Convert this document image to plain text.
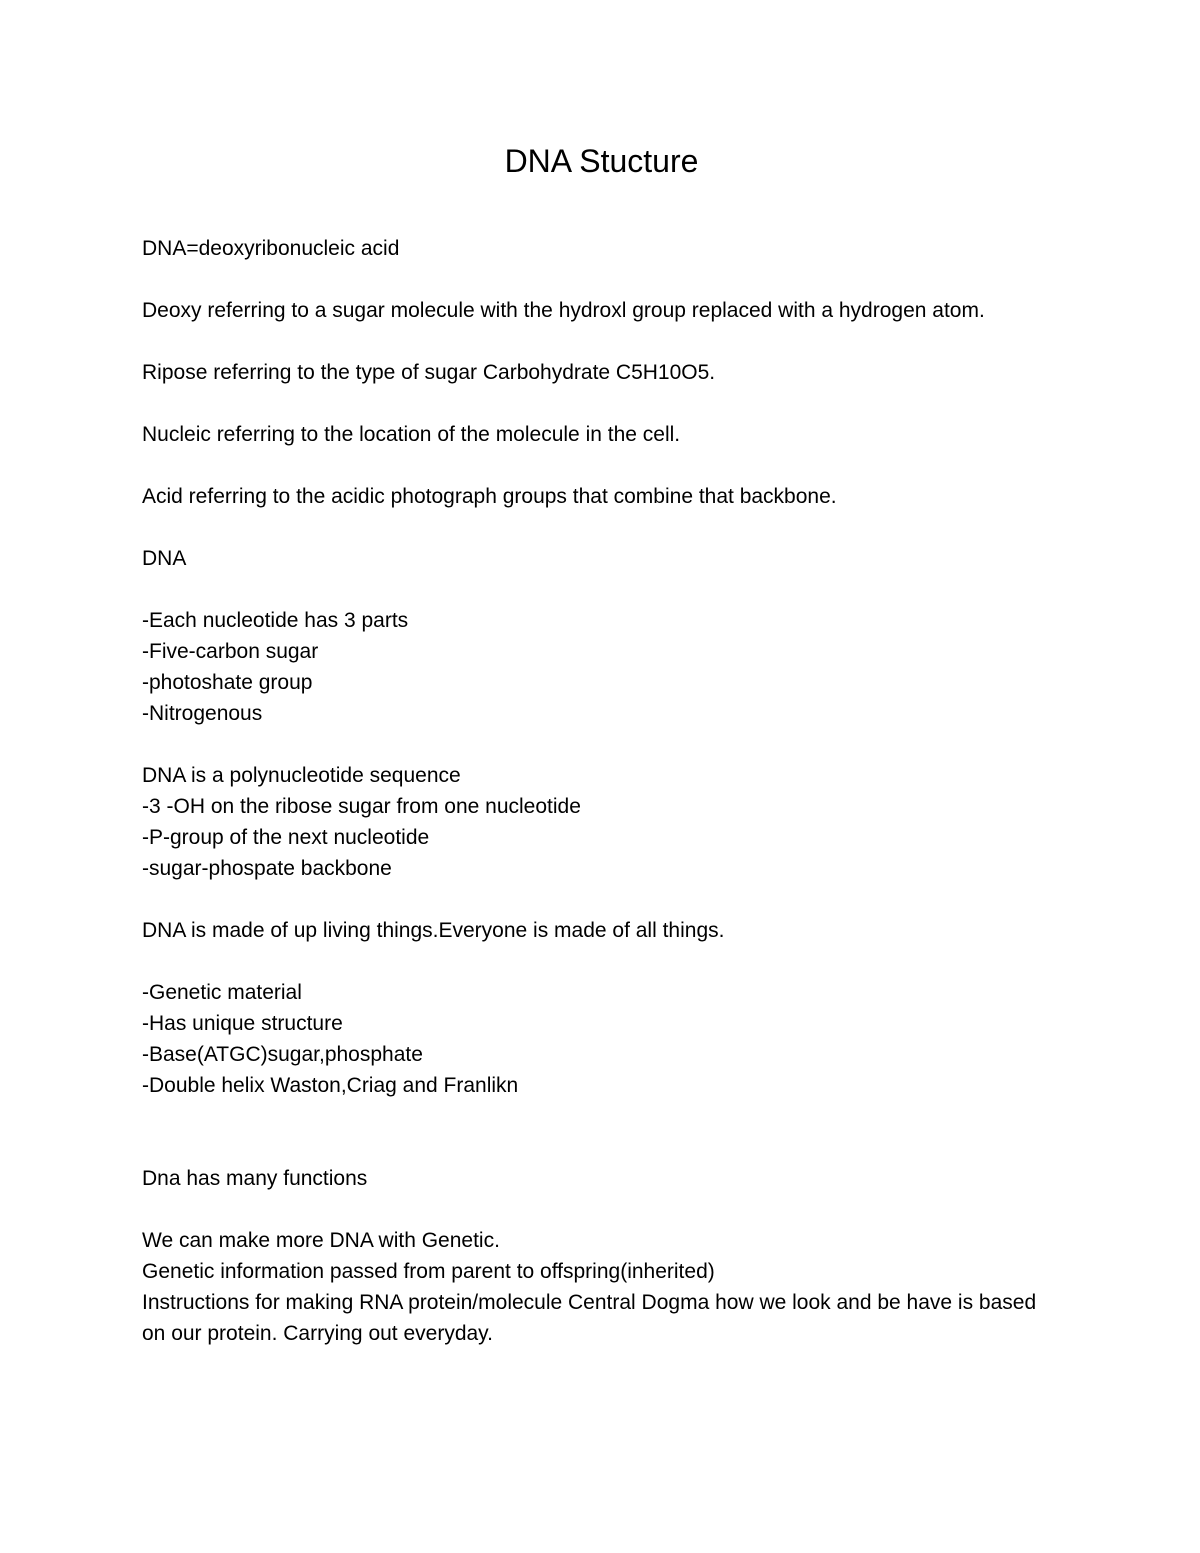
DNA Stucture

DNA=deoxyribonucleic acid

Deoxy referring to a sugar molecule with the hydroxl group replaced with a hydrogen atom.

Ripose referring to the type of sugar Carbohydrate C5H10O5.

Nucleic referring to the location of the molecule in the cell.

Acid referring to the acidic photograph groups that combine that backbone.

DNA

-Each nucleotide has 3 parts
-Five-carbon sugar
-photoshate group
-Nitrogenous

DNA is a polynucleotide sequence
-3 -OH on the ribose sugar from one nucleotide
-P-group of the next nucleotide
-sugar-phospate backbone

DNA is made of up living things.Everyone is made of all things.

-Genetic material
-Has unique structure
-Base(ATGC)sugar,phosphate
-Double helix Waston,Criag and Franlikn

Dna has many functions

We can make more DNA with Genetic.
Genetic information passed from parent to offspring(inherited)
Instructions for making RNA protein/molecule Central Dogma how we look and be have is based on our protein. Carrying out everyday.
